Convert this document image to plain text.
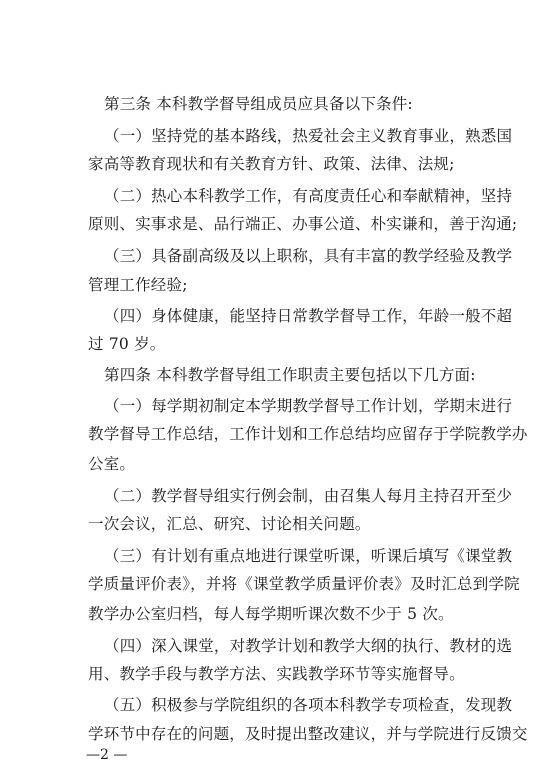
第三条 本科教学督导组成员应具备以下条件:
（一）坚持党的基本路线，热爱社会主义教育事业，熟悉国
家高等教育现状和有关教育方针、政策、法律、法规;
（二）热心本科教学工作，有高度责任心和奉献精神，坚持
原则、实事求是、品行端正、办事公道、朴实谦和，善于沟通;
（三）具备副高级及以上职称，具有丰富的教学经验及教学
管理工作经验;
（四）身体健康，能坚持日常教学督导工作，年龄一般不超
过 70 岁。
第四条 本科教学督导组工作职责主要包括以下几方面:
（一）每学期初制定本学期教学督导工作计划，学期末进行
教学督导工作总结，工作计划和工作总结均应留存于学院教学办
公室。
（二）教学督导组实行例会制，由召集人每月主持召开至少
一次会议，汇总、研究、讨论相关问题。
（三）有计划有重点地进行课堂听课，听课后填写《课堂教
学质量评价表》，并将《课堂教学质量评价表》及时汇总到学院
教学办公室归档，每人每学期听课次数不少于 5 次。
（四）深入课堂，对教学计划和教学大纲的执行、教材的选
用、教学手段与教学方法、实践教学环节等实施督导。
（五）积极参与学院组织的各项本科教学专项检查，发现教
学环节中存在的问题，及时提出整改建议，并与学院进行反馈交
—2 —
